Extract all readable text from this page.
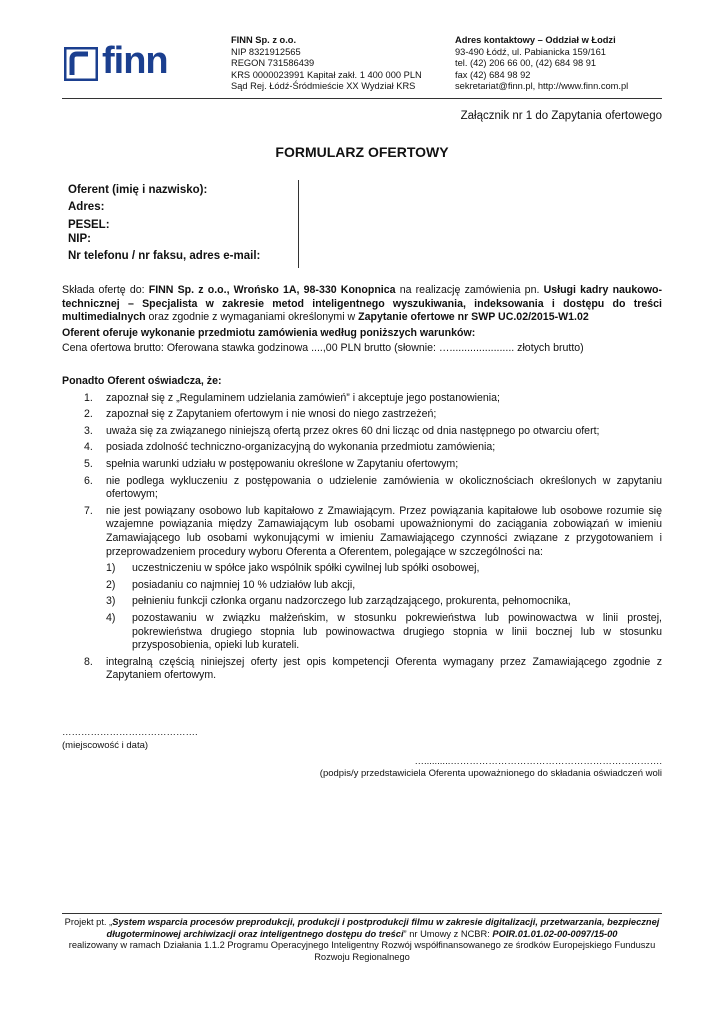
finn	FINN Sp. z o.o.
NIP 8321912565
REGON 731586439
KRS 0000023991 Kapitał zakł. 1 400 000 PLN
Sąd Rej. Łódź-Śródmieście XX Wydział KRS
Adres kontaktowy – Oddział w Łodzi
93-490 Łódź, ul. Pabianicka 159/161
tel. (42) 206 66 00, (42) 684 98 91
fax (42) 684 98 92
sekretariat@finn.pl, http://www.finn.com.pl
Załącznik nr 1 do Zapytania ofertowego
FORMULARZ OFERTOWY
Oferent (imię i nazwisko):
Adres:
PESEL:
NIP:
Nr telefonu / nr faksu, adres e-mail:
Składa ofertę do: FINN Sp. z o.o., Wrońsko 1A, 98-330 Konopnica na realizację zamówienia pn. Usługi kadry naukowo-technicznej – Specjalista w zakresie metod inteligentnego wyszukiwania, indeksowania i dostępu do treści multimedialnych oraz zgodnie z wymaganiami określonymi w Zapytanie ofertowe nr SWP UC.02/2015-W1.02
Oferent oferuje wykonanie przedmiotu zamówienia według poniższych warunków:
Cena ofertowa brutto: Oferowana stawka godzinowa ....,00 PLN brutto (słownie: …...................... złotych brutto)
Ponadto Oferent oświadcza, że:
1. zapoznał się z „Regulaminem udzielania zamówień” i akceptuje jego postanowienia;
2. zapoznał się z Zapytaniem ofertowym i nie wnosi do niego zastrzeżeń;
3. uważa się za związanego niniejszą ofertą przez okres 60 dni licząc od dnia następnego po otwarciu ofert;
4. posiada zdolność techniczno-organizacyjną do wykonania przedmiotu zamówienia;
5. spełnia warunki udziału w postępowaniu określone w Zapytaniu ofertowym;
6. nie podlega wykluczeniu z postępowania o udzielenie zamówienia w okolicznościach określonych w zapytaniu ofertowym;
7. nie jest powiązany osobowo lub kapitałowo z Zmawiającym. Przez powiązania kapitałowe lub osobowe rozumie się wzajemne powiązania między Zamawiającym lub osobami upoważnionymi do zaciągania zobowiązań w imieniu Zamawiającego lub osobami wykonującymi w imieniu Zamawiającego czynności związane z przygotowaniem i przeprowadzeniem procedury wyboru Oferenta a Oferentem, polegające w szczególności na:
1) uczestniczeniu w spółce jako wspólnik spółki cywilnej lub spółki osobowej,
2) posiadaniu co najmniej 10 % udziałów lub akcji,
3) pełnieniu funkcji członka organu nadzorczego lub zarządzającego, prokurenta, pełnomocnika,
4) pozostawaniu w związku małżeńskim, w stosunku pokrewieństwa lub powinowactwa w linii prostej, pokrewieństwa drugiego stopnia lub powinowactwa drugiego stopnia w linii bocznej lub w stosunku przysposobienia, opieki lub kurateli.
8. integralną częścią niniejszej oferty jest opis kompetencji Oferenta wymagany przez Zamawiającego zgodnie z Zapytaniem ofertowym.
…………………………………….
(miejscowość i data)
…..........………………………………………………………….
(podpis/y przedstawiciela Oferenta upoważnionego do składania oświadczeń woli
Projekt pt. „System wsparcia procesów preprodukcji, produkcji i postprodukcji filmu w zakresie digitalizacji, przetwarzania, bezpiecznej długoterminowej archiwizacji oraz inteligentnego dostępu do treści” nr Umowy z NCBR: POIR.01.01.02-00-0097/15-00
realizowany w ramach Działania 1.1.2 Programu Operacyjnego Inteligentny Rozwój współfinansowanego ze środków Europejskiego Funduszu Rozwoju Regionalnego
